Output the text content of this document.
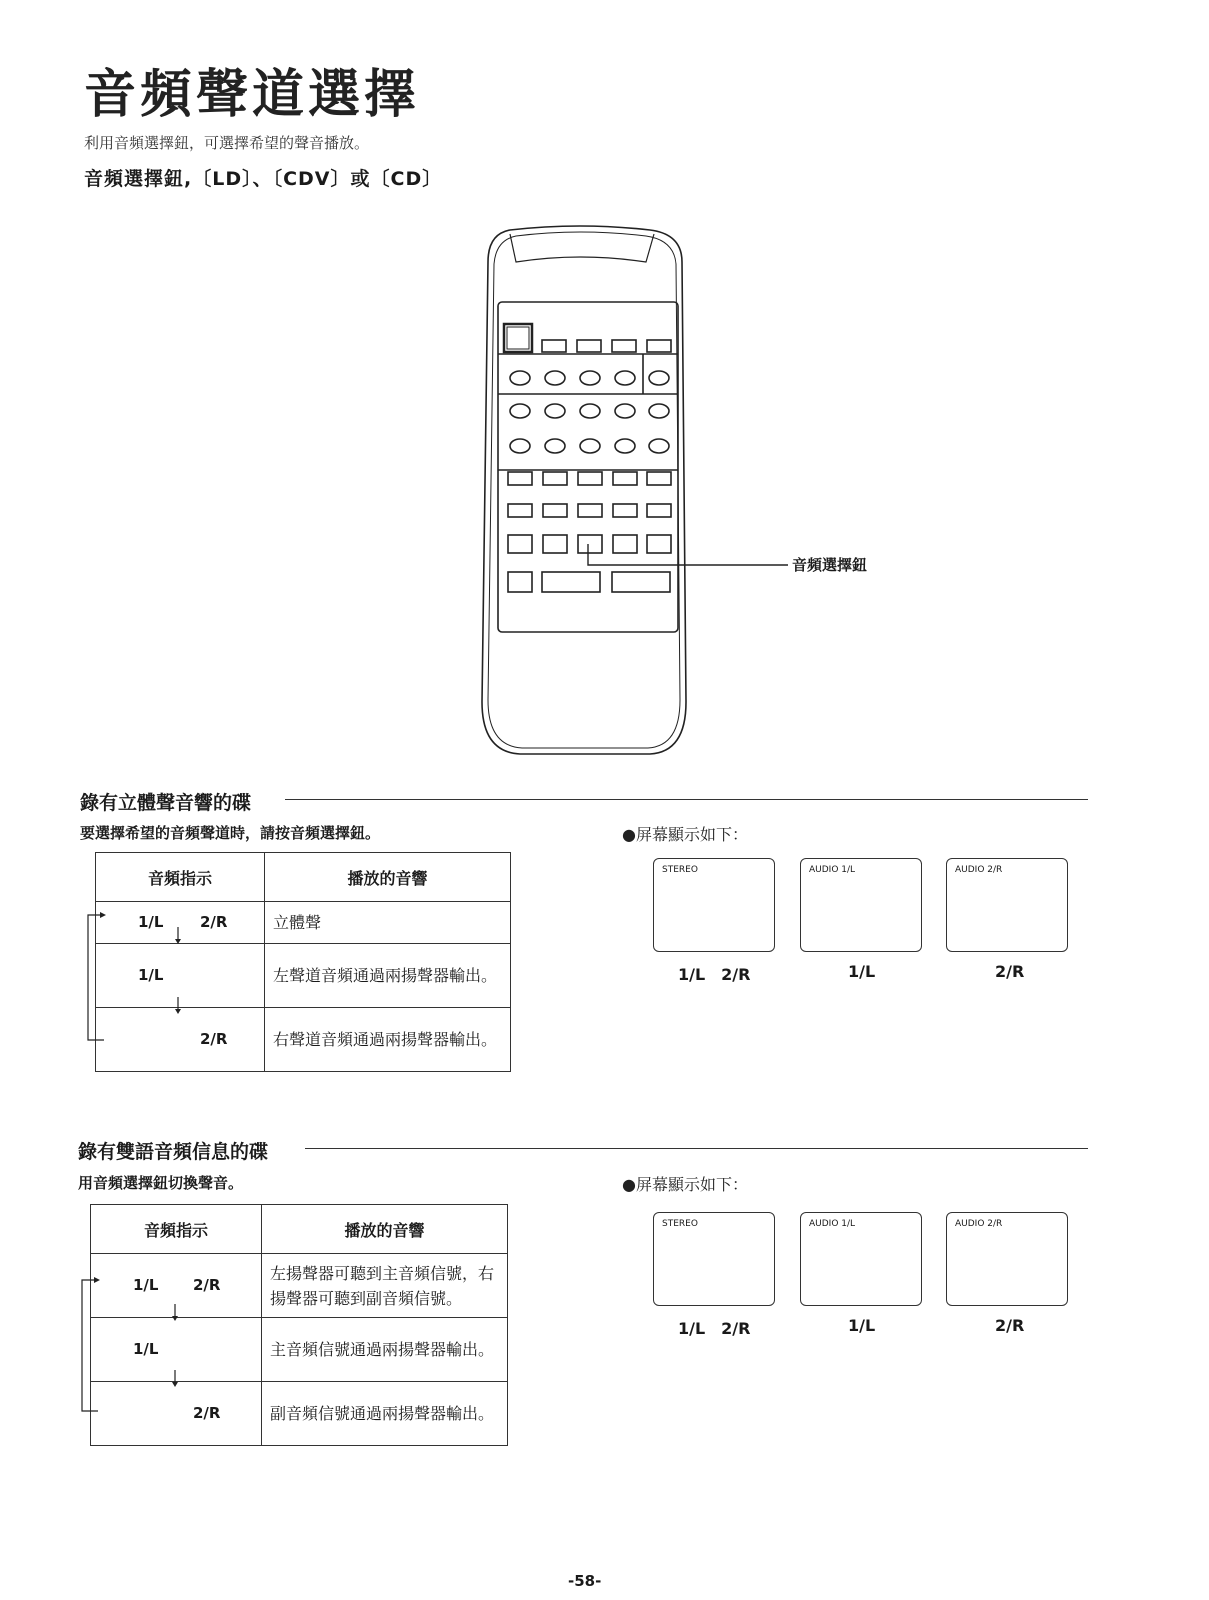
音頻聲道選擇
利用音頻選擇鈕，可選擇希望的聲音播放。
音頻選擇鈕,〔LD〕、〔CDV〕或〔CD〕
音頻選擇鈕
錄有立體聲音響的碟
要選擇希望的音頻聲道時，請按音頻選擇鈕。	●屏幕顯示如下：
音頻指示	播放的音響

1/L 2/R	立體聲

1/L	左聲道音頻通過兩揚聲器輸出。

2/R	右聲道音頻通過兩揚聲器輸出。
STEREO	AUDIO 1/L	AUDIO 2/R
1/L　2/R	1/L	2/R
錄有雙語音頻信息的碟
用音頻選擇鈕切換聲音。	●屏幕顯示如下：
音頻指示	播放的音響

1/L 2/R	左揚聲器可聽到主音頻信號，右揚聲器可聽到副音頻信號。

1/L	主音頻信號通過兩揚聲器輸出。

2/R	副音頻信號通過兩揚聲器輸出。
STEREO	AUDIO 1/L	AUDIO 2/R
1/L　2/R	1/L	2/R
-58-
